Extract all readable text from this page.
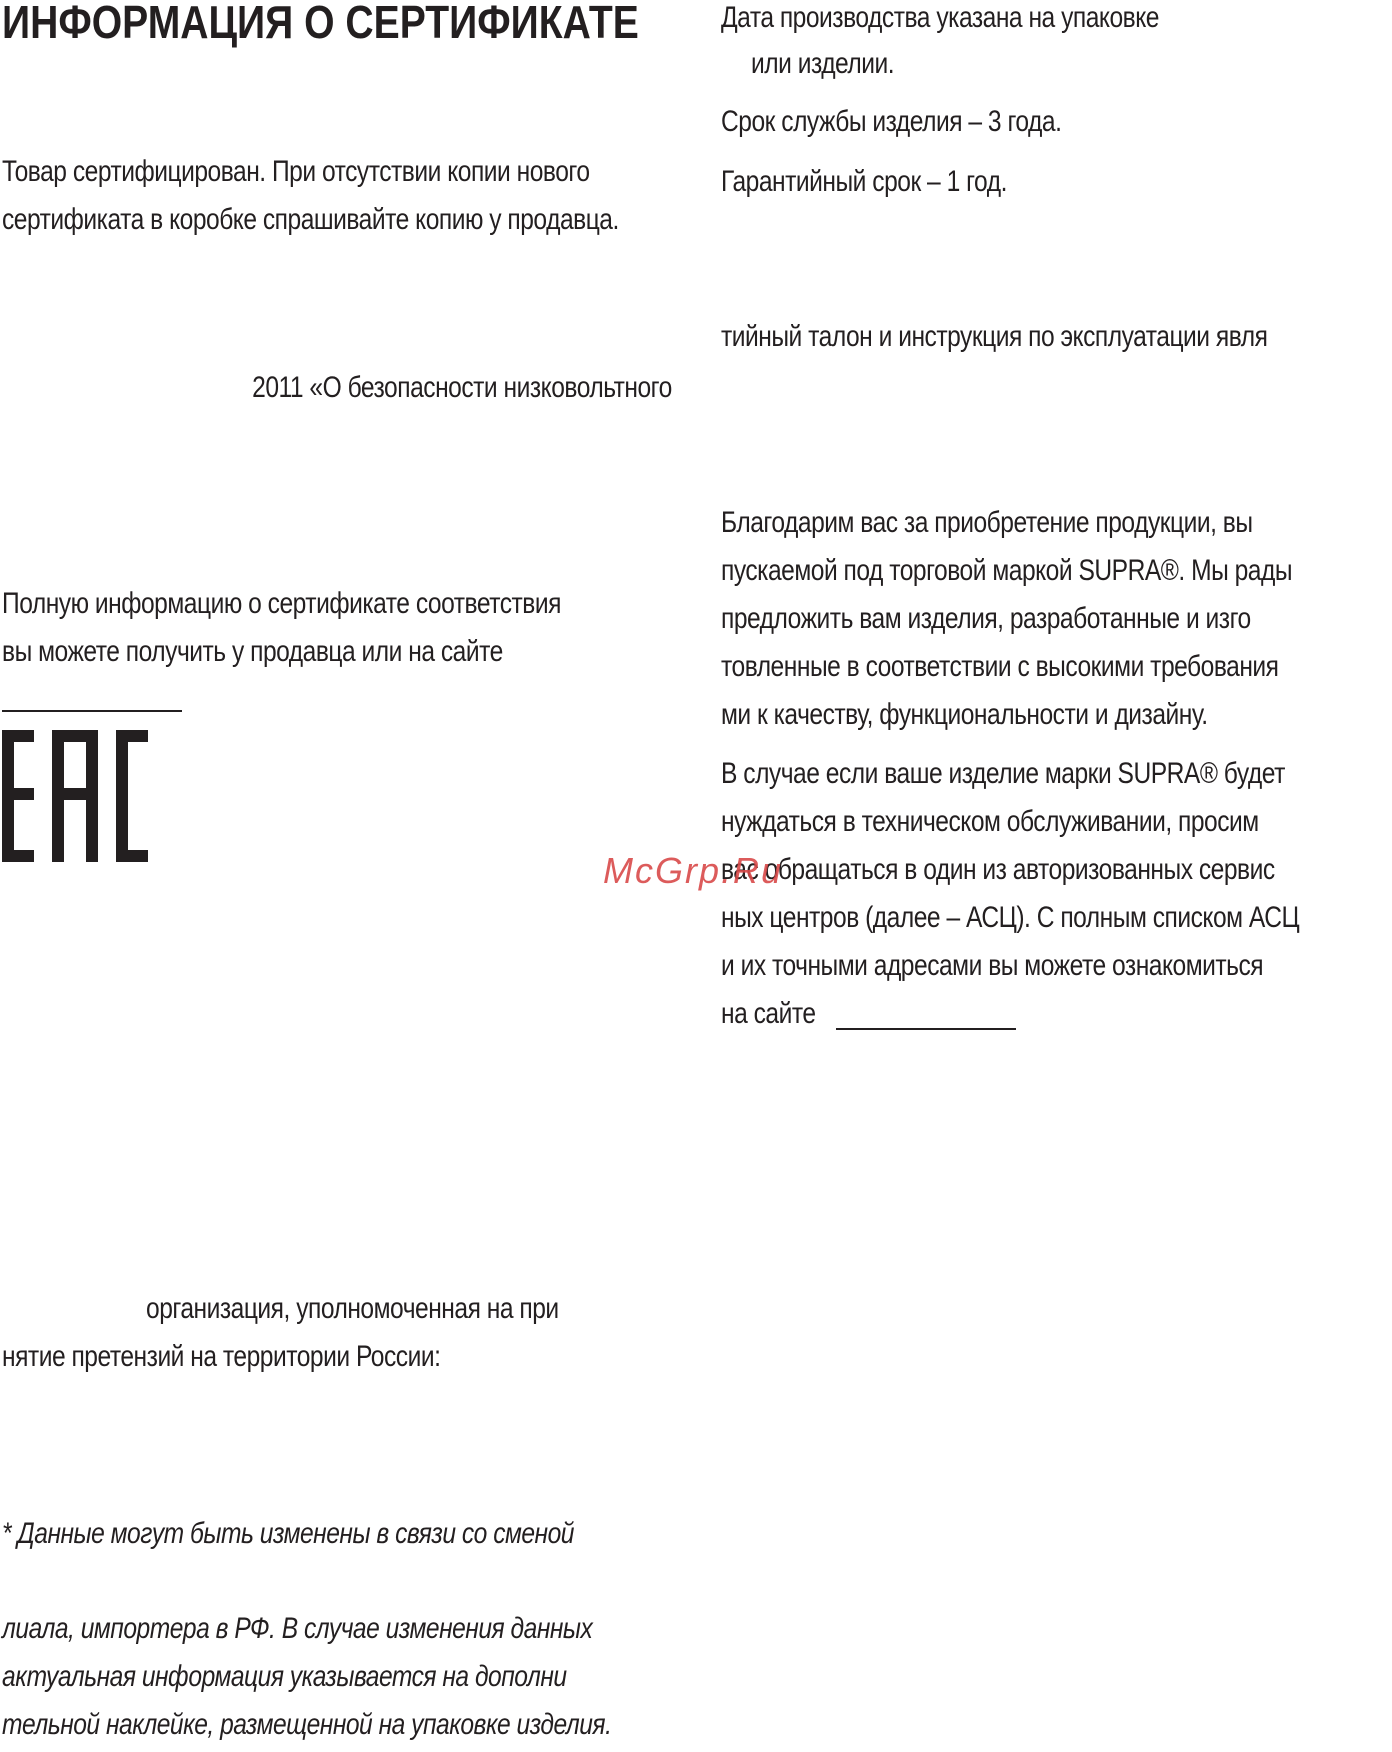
ИНФОРМАЦИЯ О СЕРТИФИКАТЕ

Товар сертифицирован. При отсутствии копии нового

сертификата в коробке спрашивайте копию у продавца.

2011 «О безопасности низковольтного

Полную информацию о сертификате соответствия

вы можете получить у продавца или на сайте

организация, уполномоченная на при

нятие претензий на территории России:

* Данные могут быть изменены в связи со сменой

лиала, импортера в РФ. В случае изменения данных

актуальная информация указывается на дополни

тельной наклейке, размещенной на упаковке изделия.

Дата производства указана на упаковке

или изделии.

Срок службы изделия – 3 года.

Гарантийный срок – 1 год.

тийный талон и инструкция по эксплуатации явля

Благодарим вас за приобретение продукции, вы

пускаемой под торговой маркой SUPRA®. Мы рады

предложить вам изделия, разработанные и изго

товленные в соответствии с высокими требования

ми к качеству, функциональности и дизайну.

В случае если ваше изделие марки SUPRA® будет

нуждаться в техническом обслуживании, просим

вас обращаться в один из авторизованных сервис

ных центров (далее – АСЦ). С полным списком АСЦ

и их точными адресами вы можете ознакомиться

на сайте

McGrp.Ru
